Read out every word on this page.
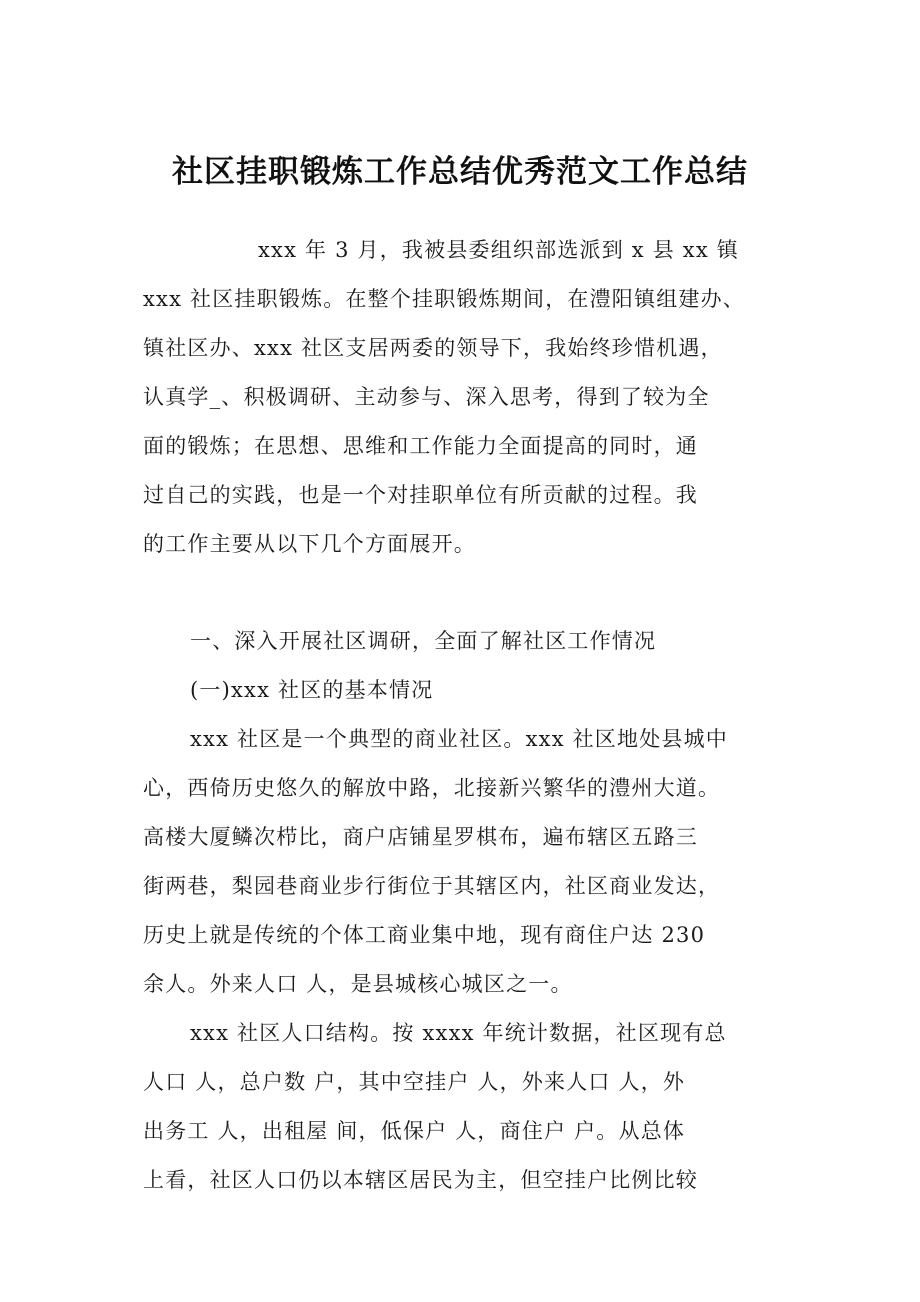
社区挂职锻炼工作总结优秀范文工作总结
xxx 年 3 月，我被县委组织部选派到 x 县 xx 镇
xxx 社区挂职锻炼。在整个挂职锻炼期间，在澧阳镇组建办、
镇社区办、xxx 社区支居两委的领导下，我始终珍惜机遇，
认真学_、积极调研、主动参与、深入思考，得到了较为全
面的锻炼；在思想、思维和工作能力全面提高的同时，通
过自己的实践，也是一个对挂职单位有所贡献的过程。我
的工作主要从以下几个方面展开。
一、深入开展社区调研，全面了解社区工作情况
(一)xxx 社区的基本情况
xxx 社区是一个典型的商业社区。xxx 社区地处县城中
心，西倚历史悠久的解放中路，北接新兴繁华的澧州大道。
高楼大厦鳞次栉比，商户店铺星罗棋布，遍布辖区五路三
街两巷，梨园巷商业步行街位于其辖区内，社区商业发达，
历史上就是传统的个体工商业集中地，现有商住户达 230
余人。外来人口 人，是县城核心城区之一。
xxx 社区人口结构。按 xxxx 年统计数据，社区现有总
人口 人，总户数 户，其中空挂户 人，外来人口 人，外
出务工 人，出租屋 间，低保户 人，商住户 户。从总体
上看，社区人口仍以本辖区居民为主，但空挂户比例比较
